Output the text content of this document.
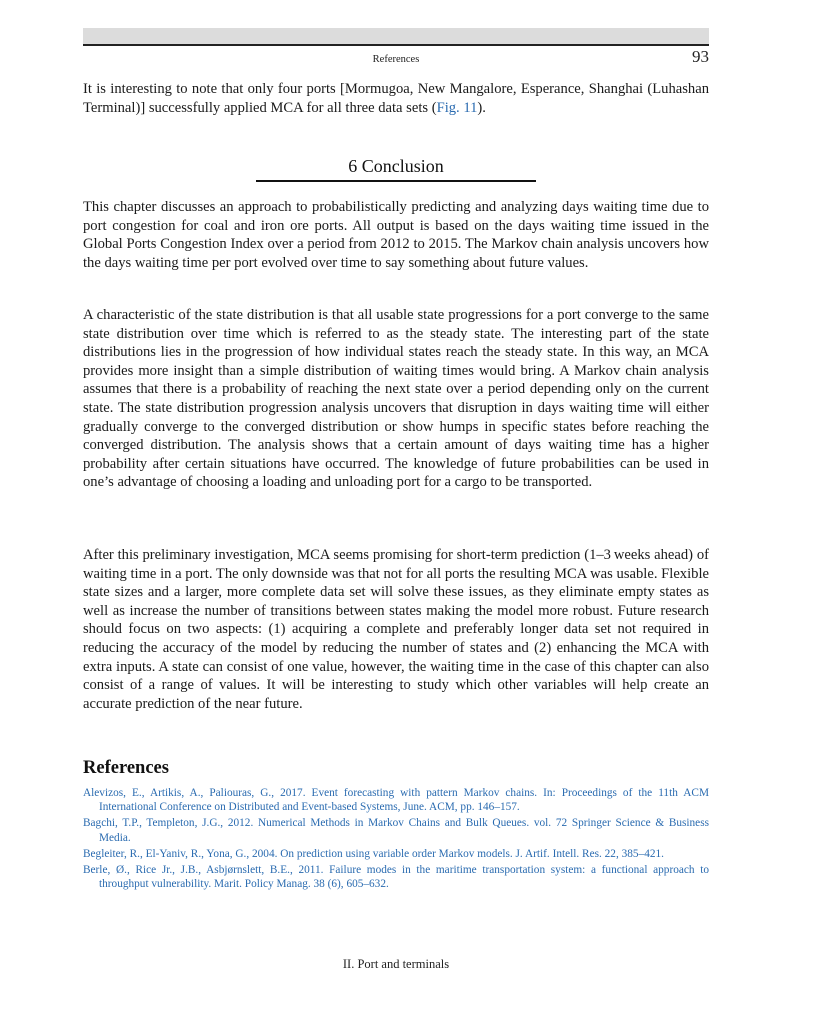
References	93

It is interesting to note that only four ports [Mormugoa, New Mangalore, Esperance, Shanghai (Luhashan Terminal)] successfully applied MCA for all three data sets (Fig. 11).

6 Conclusion

This chapter discusses an approach to probabilistically predicting and analyzing days waiting time due to port congestion for coal and iron ore ports. All output is based on the days waiting time issued in the Global Ports Congestion Index over a period from 2012 to 2015. The Markov chain analysis uncovers how the days waiting time per port evolved over time to say something about future values.

A characteristic of the state distribution is that all usable state progressions for a port converge to the same state distribution over time which is referred to as the steady state. The interesting part of the state distributions lies in the progression of how individual states reach the steady state. In this way, an MCA provides more insight than a simple distribution of waiting times would bring. A Markov chain analysis assumes that there is a probability of reaching the next state over a period depending only on the current state. The state distribution progression analysis uncovers that disruption in days waiting time will either gradually converge to the converged distribution or show humps in specific states before reaching the converged distribution. The analysis shows that a certain amount of days waiting time has a higher probability after certain situations have occurred. The knowledge of future probabilities can be used in one’s advantage of choosing a loading and unloading port for a cargo to be transported.

After this preliminary investigation, MCA seems promising for short-term prediction (1–3 weeks ahead) of waiting time in a port. The only downside was that not for all ports the resulting MCA was usable. Flexible state sizes and a larger, more complete data set will solve these issues, as they eliminate empty states as well as increase the number of transitions between states making the model more robust. Future research should focus on two aspects: (1) acquiring a complete and preferably longer data set not required in reducing the accuracy of the model by reducing the number of states and (2) enhancing the MCA with extra inputs. A state can consist of one value, however, the waiting time in the case of this chapter can also consist of a range of values. It will be interesting to study which other variables will help create an accurate prediction of the near future.

References
Alevizos, E., Artikis, A., Paliouras, G., 2017. Event forecasting with pattern Markov chains. In: Proceedings of the 11th ACM International Conference on Distributed and Event-based Systems, June. ACM, pp. 146–157.
Bagchi, T.P., Templeton, J.G., 2012. Numerical Methods in Markov Chains and Bulk Queues. vol. 72 Springer Science & Business Media.
Begleiter, R., El-Yaniv, R., Yona, G., 2004. On prediction using variable order Markov models. J. Artif. Intell. Res. 22, 385–421.
Berle, Ø., Rice Jr., J.B., Asbjørnslett, B.E., 2011. Failure modes in the maritime transportation system: a functional approach to throughput vulnerability. Marit. Policy Manag. 38 (6), 605–632.
II. Port and terminals
